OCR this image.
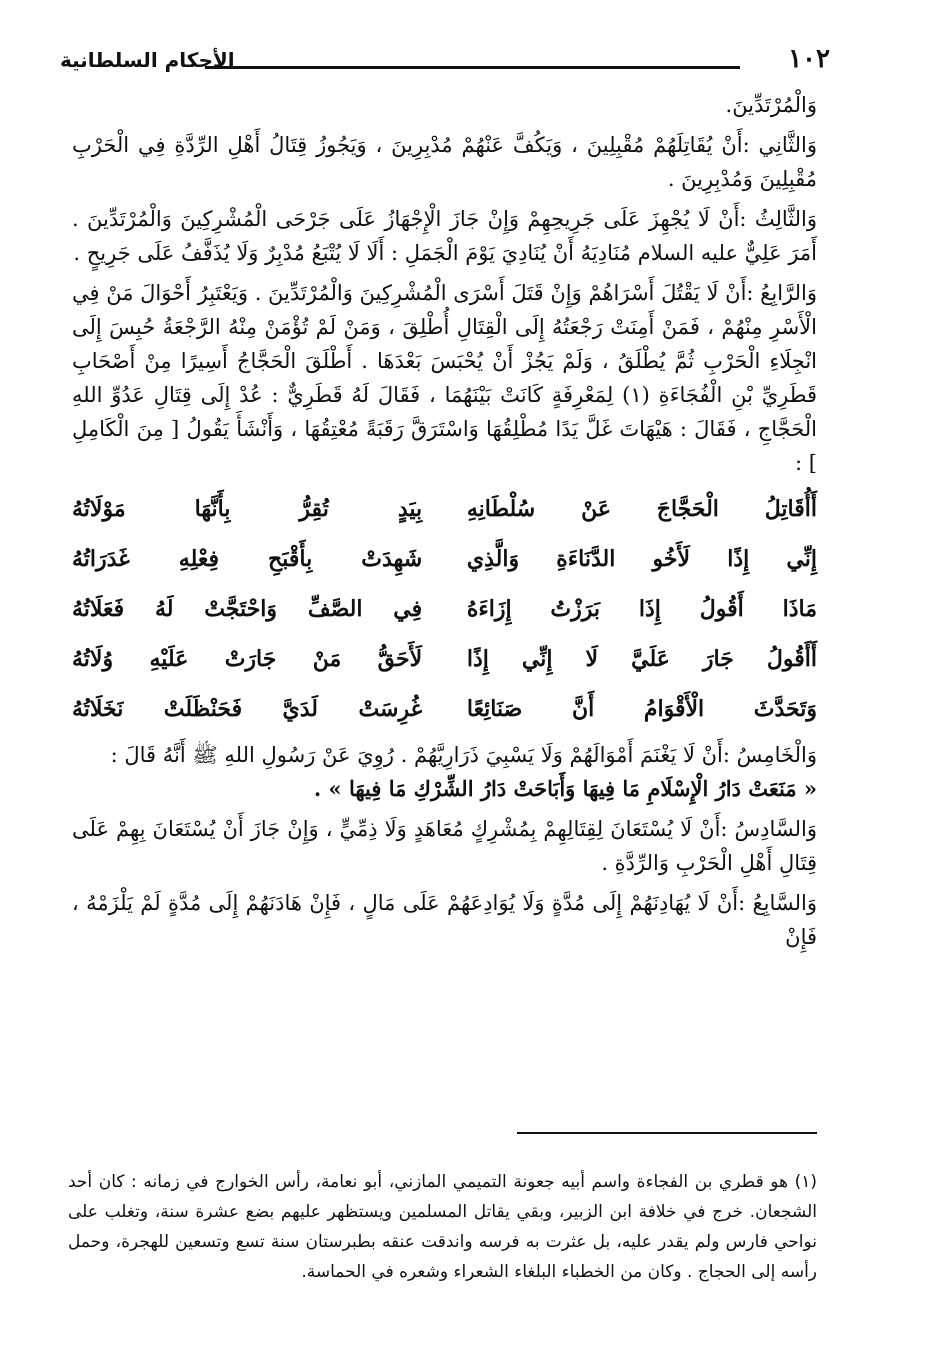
١٠٢
الأحكام السلطانية

وَالْمُرْتَدِّينَ.

وَالثَّانِي :أَنْ يُقَاتِلَهُمْ مُقْبِلِينَ ، وَيَكُفَّ عَنْهُمْ مُدْبِرِينَ ، وَيَجُوزُ قِتَالُ أَهْلِ الرِّدَّةِ فِي الْحَرْبِ مُقْبِلِينَ وَمُدْبِرِينَ .

وَالثَّالِثُ :أَنْ لَا يُجْهِزَ عَلَى جَرِيحِهِمْ وَإِنْ جَازَ الْإِجْهَازُ عَلَى جَرْحَى الْمُشْرِكِينَ وَالْمُرْتَدِّينَ . أَمَرَ عَلِيٌّ عليه السلام مُنَادِيَهُ أَنْ يُنَادِيَ يَوْمَ الْجَمَلِ : أَلَا لَا يُتْبَعُ مُدْبِرٌ وَلَا يُذَفَّفُ عَلَى جَرِيحٍ .

وَالرَّابِعُ :أَنْ لَا يَقْتُلَ أَسْرَاهُمْ وَإِنْ قَتَلَ أَسْرَى الْمُشْرِكِينَ وَالْمُرْتَدِّينَ . وَيَعْتَبِرُ أَحْوَالَ مَنْ فِي الْأَسْرِ مِنْهُمْ ، فَمَنْ أَمِنَتْ رَجْعَتُهُ إِلَى الْقِتَالِ أُطْلِقَ ، وَمَنْ لَمْ تُؤْمَنْ مِنْهُ الرَّجْعَةُ حُبِسَ إِلَى انْجِلَاءِ الْحَرْبِ ثُمَّ يُطْلَقُ ، وَلَمْ يَجُزْ أَنْ يُحْبَسَ بَعْدَهَا . أَطْلَقَ الْحَجَّاجُ أَسِيرًا مِنْ أَصْحَابِ قَطَرِيِّ بْنِ الْفُجَاءَةِ (١) لِمَعْرِفَةٍ كَانَتْ بَيْنَهُمَا ، فَقَالَ لَهُ قَطَرِيٌّ : عُدْ إِلَى قِتَالِ عَدُوِّ اللهِ الْحَجَّاجِ ، فَقَالَ : هَيْهَاتَ غَلَّ يَدًا مُطْلِقُهَا وَاسْتَرَقَّ رَقَبَةً مُعْتِقُهَا ، وَأَنْشَأَ يَقُولُ [ مِنَ الْكَامِلِ ] :

أَأُقَاتِلُ الْحَجَّاجَ عَنْ سُلْطَانِهِ
بِيَدٍ تُقِرُّ بِأَنَّهَا مَوْلَاتُهُ
إِنِّي إِذًا لَأَخُو الدَّنَاءَةِ وَالَّذِي
شَهِدَتْ بِأَقْبَحِ فِعْلِهِ غَدَرَاتُهُ
مَاذَا أَقُولُ إِذَا بَرَزْتُ إِزَاءَهُ
فِي الصَّفِّ وَاحْتَجَّتْ لَهُ فَعَلَاتُهُ
أَأَقُولُ جَارَ عَلَيَّ لَا إِنِّي إِذًا
لَأَحَقُّ مَنْ جَارَتْ عَلَيْهِ وُلَاتُهُ
وَتَحَدَّثَ الْأَقْوَامُ أَنَّ صَنَائِعًا
غُرِسَتْ لَدَيَّ فَحَنْظَلَتْ نَخَلَاتُهُ

وَالْخَامِسُ :أَنْ لَا يَغْنَمَ أَمْوَالَهُمْ وَلَا يَسْبِيَ ذَرَارِيَّهُمْ . رُوِيَ عَنْ رَسُولِ اللهِ ﷺ أَنَّهُ قَالَ :

« مَنَعَتْ دَارُ الْإِسْلَامِ مَا فِيهَا وَأَبَاحَتْ دَارُ الشِّرْكِ مَا فِيهَا » .

وَالسَّادِسُ :أَنْ لَا يُسْتَعَانَ لِقِتَالِهِمْ بِمُشْرِكٍ مُعَاهَدٍ وَلَا ذِمِّيٍّ ، وَإِنْ جَازَ أَنْ يُسْتَعَانَ بِهِمْ عَلَى قِتَالِ أَهْلِ الْحَرْبِ وَالرِّدَّةِ .

وَالسَّابِعُ :أَنْ لَا يُهَادِنَهُمْ إِلَى مُدَّةٍ وَلَا يُوَادِعَهُمْ عَلَى مَالٍ ، فَإِنْ هَادَنَهُمْ إِلَى مُدَّةٍ لَمْ يَلْزَمْهُ ، فَإِنْ

(١) هو قطري بن الفجاءة واسم أبيه جعونة التميمي المازني، أبو نعامة، رأس الخوارج في زمانه : كان أحد الشجعان. خرج في خلافة ابن الزبير، وبقي يقاتل المسلمين ويستظهر عليهم بضع عشرة سنة، وتغلب على نواحي فارس ولم يقدر عليه، بل عثرت به فرسه واندقت عنقه بطبرستان سنة تسع وتسعين للهجرة، وحمل رأسه إلى الحجاج . وكان من الخطباء البلغاء الشعراء وشعره في الحماسة.
